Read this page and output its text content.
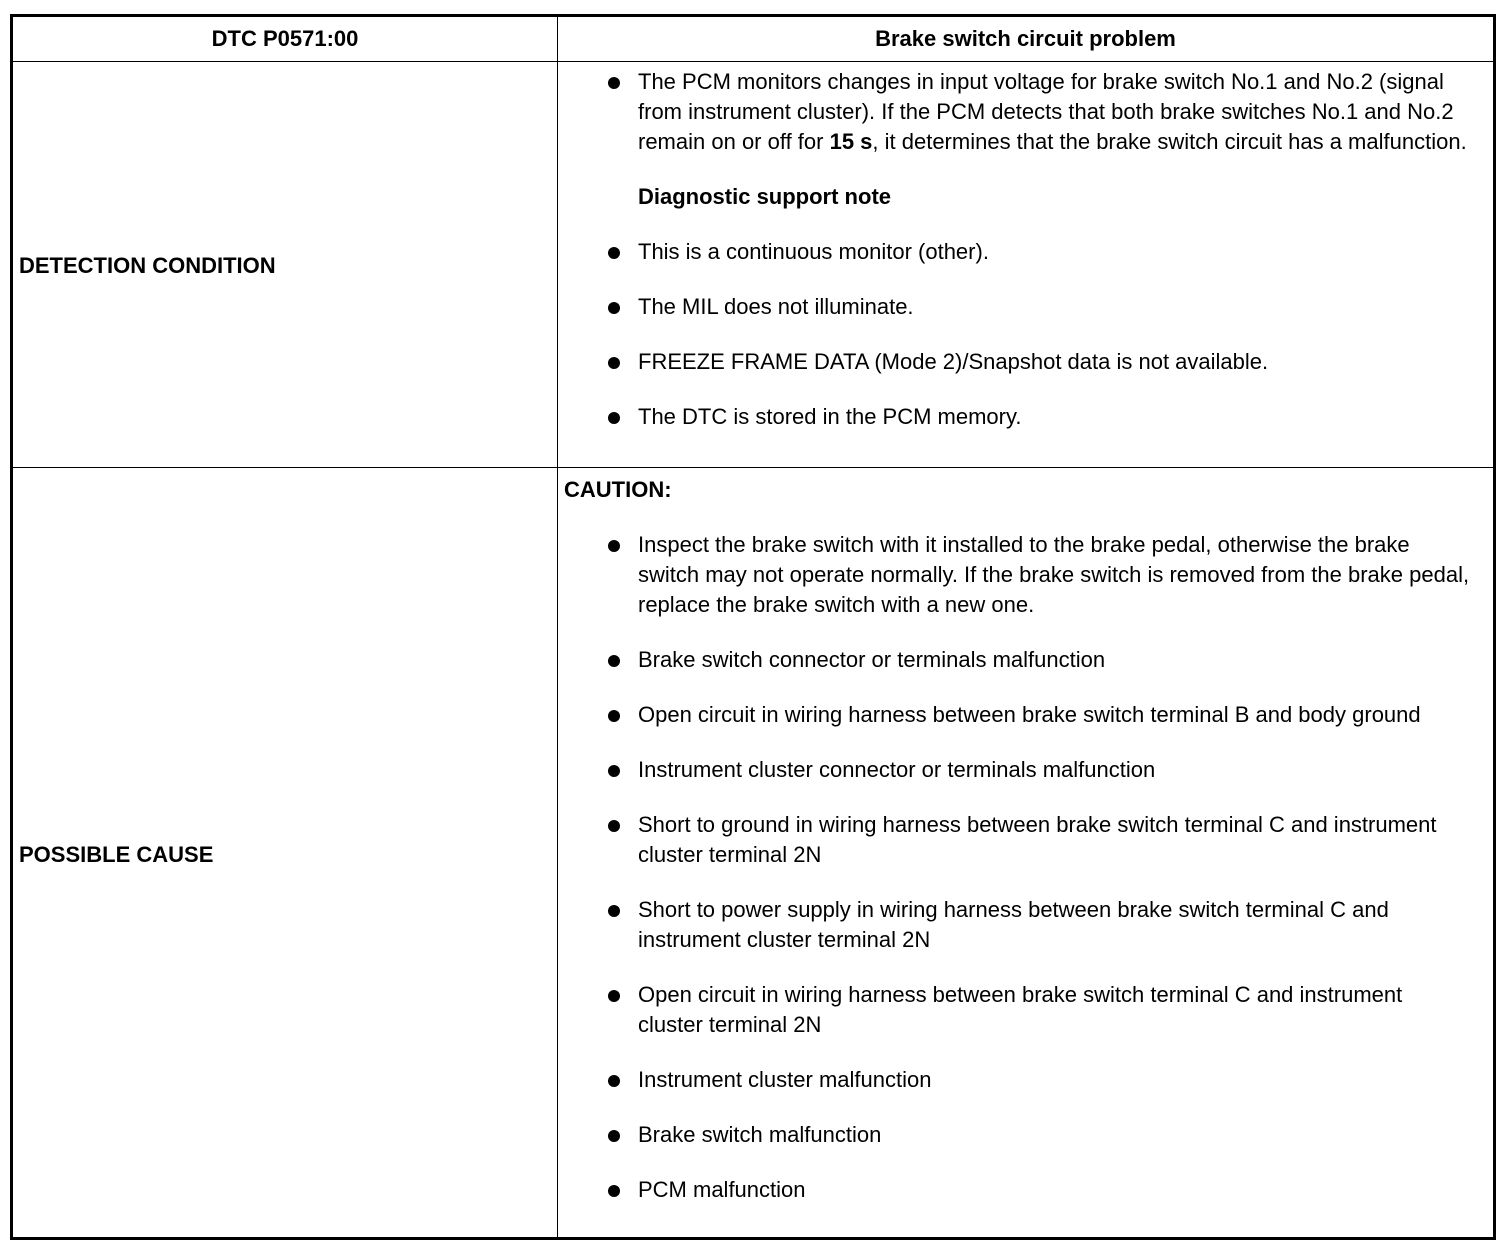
DTC P0571:00	Brake switch circuit problem
DETECTION CONDITION
POSSIBLE CAUSE
The PCM monitors changes in input voltage for brake switch No.1 and No.2 (signal from instrument cluster). If the PCM detects that both brake switches No.1 and No.2 remain on or off for 15 s, it determines that the brake switch circuit has a malfunction.
Diagnostic support note
This is a continuous monitor (other).
The MIL does not illuminate.
FREEZE FRAME DATA (Mode 2)/Snapshot data is not available.
The DTC is stored in the PCM memory.
CAUTION:
Inspect the brake switch with it installed to the brake pedal, otherwise the brake switch may not operate normally. If the brake switch is removed from the brake pedal, replace the brake switch with a new one.
Brake switch connector or terminals malfunction
Open circuit in wiring harness between brake switch terminal B and body ground
Instrument cluster connector or terminals malfunction
Short to ground in wiring harness between brake switch terminal C and instrument cluster terminal 2N
Short to power supply in wiring harness between brake switch terminal C and instrument cluster terminal 2N
Open circuit in wiring harness between brake switch terminal C and instrument cluster terminal 2N
Instrument cluster malfunction
Brake switch malfunction
PCM malfunction
